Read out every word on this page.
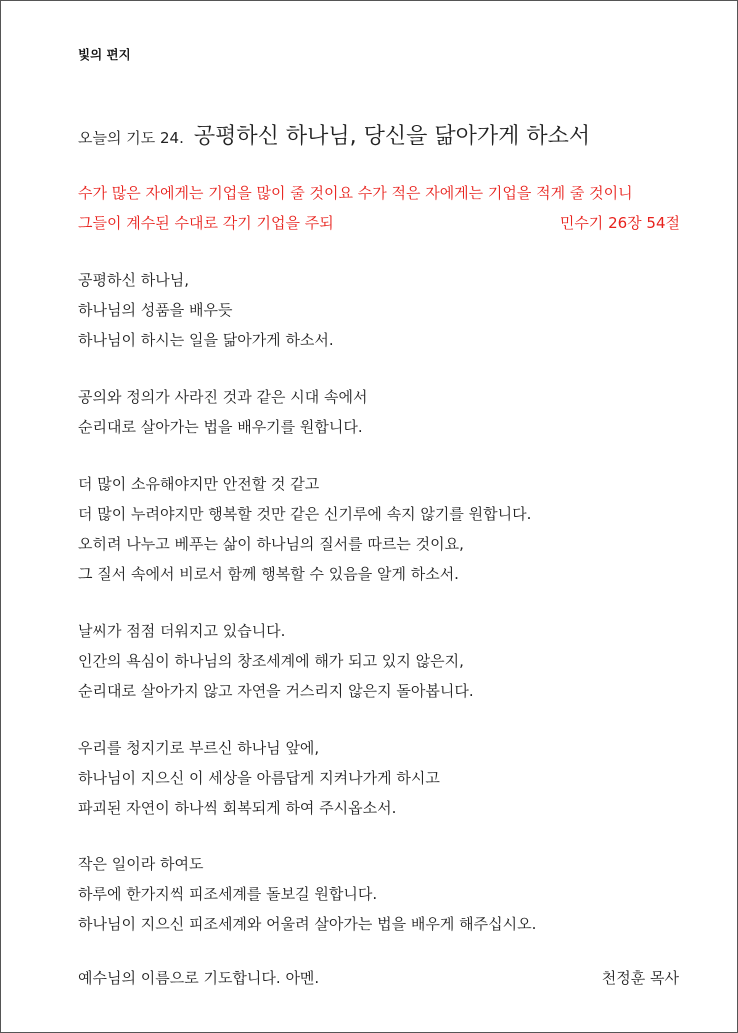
빛의 편지
오늘의 기도 24. 공평하신 하나님, 당신을 닮아가게 하소서
수가 많은 자에게는 기업을 많이 줄 것이요 수가 적은 자에게는 기업을 적게 줄 것이니
그들이 계수된 수대로 각기 기업을 주되	민수기 26장 54절
공평하신 하나님,
하나님의 성품을 배우듯
하나님이 하시는 일을 닮아가게 하소서.
공의와 정의가 사라진 것과 같은 시대 속에서
순리대로 살아가는 법을 배우기를 원합니다.
더 많이 소유해야지만 안전할 것 같고
더 많이 누려야지만 행복할 것만 같은 신기루에 속지 않기를 원합니다.
오히려 나누고 베푸는 삶이 하나님의 질서를 따르는 것이요,
그 질서 속에서 비로서 함께 행복할 수 있음을 알게 하소서.
날씨가 점점 더워지고 있습니다.
인간의 욕심이 하나님의 창조세계에 해가 되고 있지 않은지,
순리대로 살아가지 않고 자연을 거스리지 않은지 돌아봅니다.
우리를 청지기로 부르신 하나님 앞에,
하나님이 지으신 이 세상을 아름답게 지켜나가게 하시고
파괴된 자연이 하나씩 회복되게 하여 주시옵소서.
작은 일이라 하여도
하루에 한가지씩 피조세계를 돌보길 원합니다.
하나님이 지으신 피조세계와 어울려 살아가는 법을 배우게 해주십시오.
예수님의 이름으로 기도합니다. 아멘.	천정훈 목사
